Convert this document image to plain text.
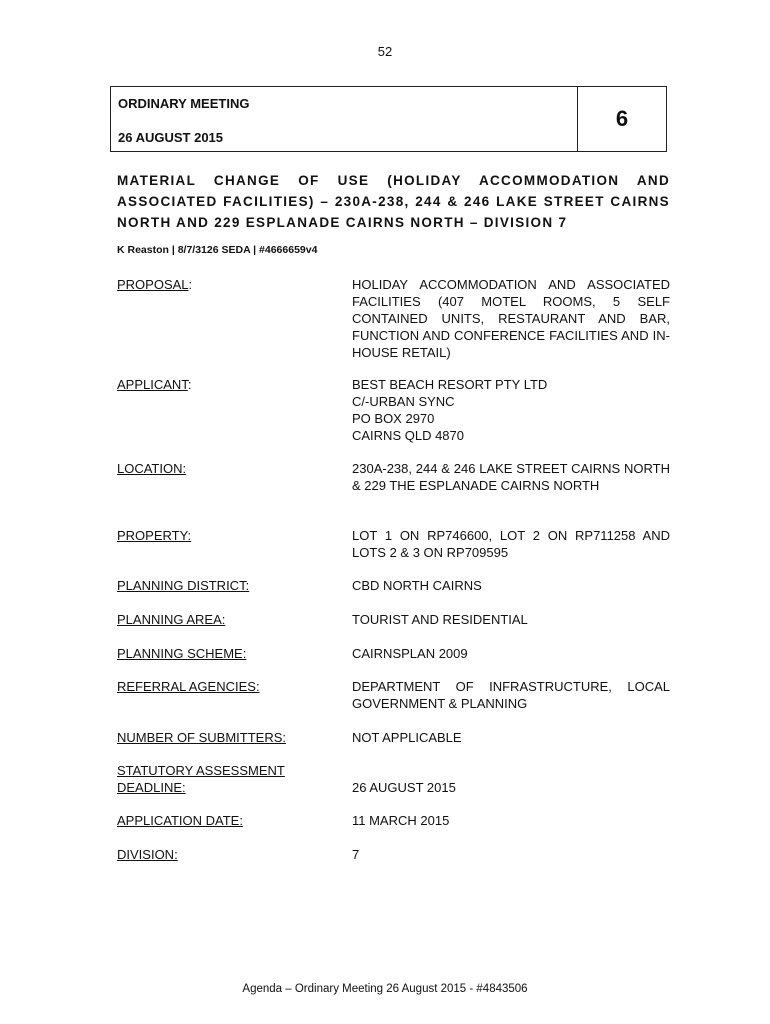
52
ORDINARY MEETING
26 AUGUST 2015
6

MATERIAL CHANGE OF USE (HOLIDAY ACCOMMODATION AND ASSOCIATED FACILITIES) – 230A-238, 244 & 246 LAKE STREET CAIRNS NORTH AND 229 ESPLANADE CAIRNS NORTH – DIVISION 7

K Reaston | 8/7/3126 SEDA | #4666659v4
PROPOSAL:	HOLIDAY ACCOMMODATION AND ASSOCIATED FACILITIES (407 MOTEL ROOMS, 5 SELF CONTAINED UNITS, RESTAURANT AND BAR, FUNCTION AND CONFERENCE FACILITIES AND IN-HOUSE RETAIL)
APPLICANT:	BEST BEACH RESORT PTY LTD
C/-URBAN SYNC
PO BOX 2970
CAIRNS QLD 4870
LOCATION:	230A-238, 244 & 246 LAKE STREET CAIRNS NORTH & 229 THE ESPLANADE CAIRNS NORTH
PROPERTY:	LOT 1 ON RP746600, LOT 2 ON RP711258 AND LOTS 2 & 3 ON RP709595
PLANNING DISTRICT:	CBD NORTH CAIRNS
PLANNING AREA:	TOURIST AND RESIDENTIAL
PLANNING SCHEME:	CAIRNSPLAN 2009
REFERRAL AGENCIES:	DEPARTMENT OF INFRASTRUCTURE, LOCAL GOVERNMENT & PLANNING
NUMBER OF SUBMITTERS:	NOT APPLICABLE
STATUTORY ASSESSMENT
DEADLINE:	26 AUGUST 2015
APPLICATION DATE:	11 MARCH 2015
DIVISION:	7
Agenda – Ordinary Meeting 26 August 2015 - #4843506
